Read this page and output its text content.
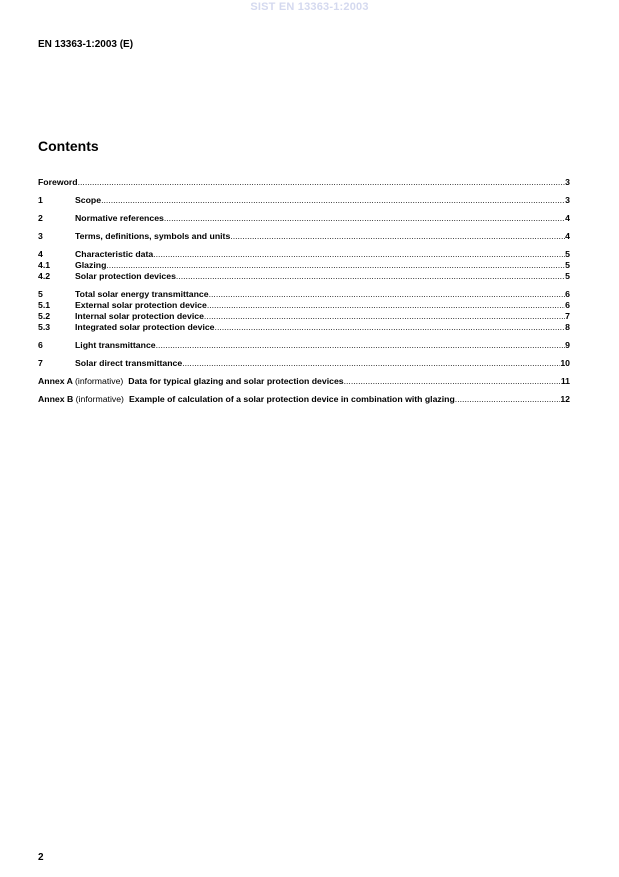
SIST EN 13363-1:2003
EN 13363-1:2003 (E)
Contents
Foreword .....	3
1	Scope .....	3
2	Normative references .....	4
3	Terms, definitions, symbols and units .....	4
4	Characteristic data .....	5
4.1	Glazing .....	5
4.2	Solar protection devices .....	5
5	Total solar energy transmittance .....	6
5.1	External solar protection device .....	6
5.2	Internal solar protection device .....	7
5.3	Integrated solar protection device .....	8
6	Light transmittance .....	9
7	Solar direct transmittance .....	10
Annex A (informative) Data for typical glazing and solar protection devices .....	11
Annex B (informative) Example of calculation of a solar protection device in combination with glazing .....	12
2
